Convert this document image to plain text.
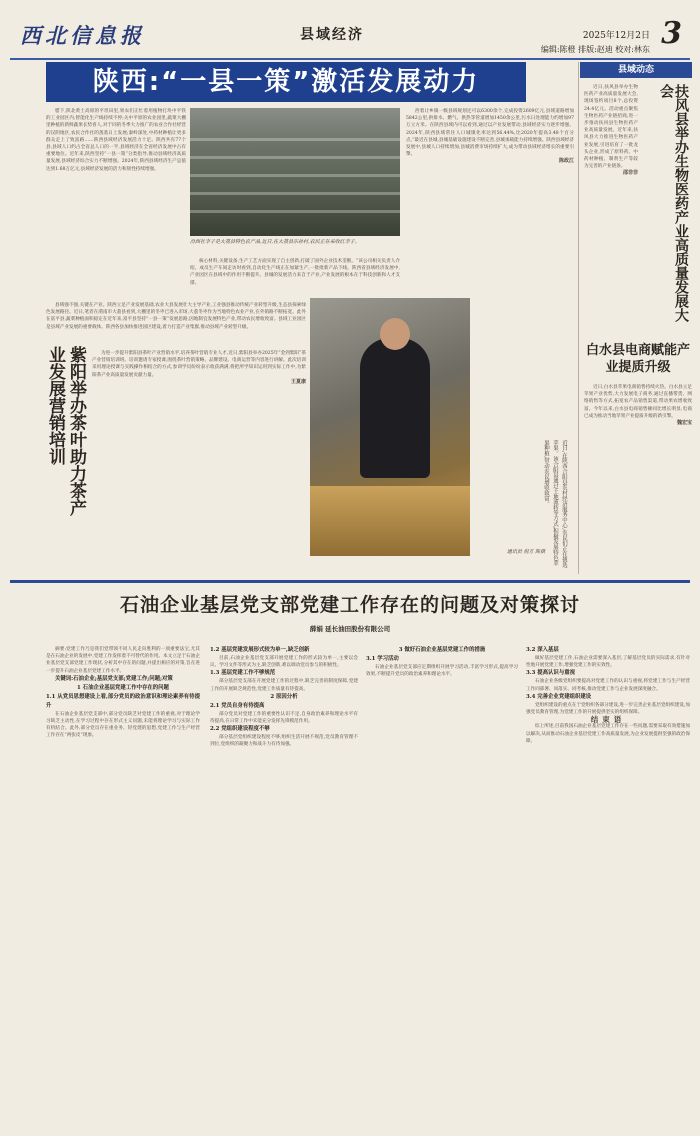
西北信息报	县域经济	2025年12月2日 3
编辑:陈橙 排版:赵迪 校对:林东
陕西:“一县一策”激活发展动力

腊下,陕北黄土高原的平坦田里,果农们正忙着用植物打块中平铁的工业园区内,智能化生产线持续不停;关中平原的农业园里,蔬菜大棚里种植的新鲜蔬果长势喜人,对于同的冬季大力推广的农业合作社经营的汉阴地区,农民合作社的蒸蒸日上发展;秦岭深处,中药材种植让更多群众走上了致富路……陕西县域经济发展活力十足。陕西共有77个县,县域人口约占全省总人口的一半,县域经济在全省经济发展中占有重要地位。近年来,陕西坚持“一县一策”分类指导,推动县域经济高质量发展,县域经济综合实力不断增强。2024年,陕西县域经济生产总值达到1.68万亿元,县域经济发展的活力和韧性持续增强。

汾西社李子是大荔县特色农产品,近日,在大荔县东孙村,农民正在采收红李子。

核心材料,关键设备,生产工艺方面实现了自主创新,打破了国外企业技术垄断。“该公司相关负责人介绍。成员生产车间走访时看到,自动化生产线正在加紧生产,一批批新产品下线。陕西省县域经济发展中,产业园区在县域中的作用不断提升。县城的发展活力来自于产业,产业发展的根本在于科技创新和人才支撑。

西着让乡镇一级县域规划还可以6300余个,完成投资2609亿元,县域道路增加5842公里,供排水、燃气、供热等管道增加1450余公里,污水日处理能力约增加97万立方米。在陕西县域内可以看到,通过以产业发展带动,县域经济实力逐步增强。2024年,陕西县域常住人口城镇化率达到56.44%,比2020年提高3.48个百分点,“最近在县城,县城基础设施建设不断完善,县城承载能力持续增强。陕西县域经济发展中,县城人口持续增加,县城消费市场持续扩大,成为带动县域经济增长的重要引擎。

陈政江
县域动态
扶风县举办生物医药产业高质量发展大会

近日,扶风县举办生物医药产业高质量发展大会,现场签约项目8个,总投资24.4亿元。活动重点聚焦生物医药产业链招商,进一步推动扶风县生物医药产业高质量发展。近年来,扶风县大力推进生物医药产业发展,引进培育了一批龙头企业,形成了原料药、中药材种植、制剂生产等较为完善的产业链条。

邵非非
白水县电商赋能产业提质升级

近日,白水县苹果电商销售持续火热。白水县立足苹果产业优势,大力发展电子商务,通过直播带货、网络销售等方式,拓宽农产品销售渠道,带动果农增收致富。今年以来,白水县电商销售额同比增长明显,电商已成为推动当地苹果产业提质升级的新引擎。

魏宏宝

县域强不强,关键在产业。陕西立足产业发展基础,农业大县发展壮大主导产业,工业强县推动传统产业转型升级,生态县探索绿色发展路径。近日,笔者在渭南市大荔县看到,大棚里的冬枣已进入市场,大荔冬枣作为当地特色农业产业,在外销路不断拓宽。此外在富平县,蔬菜种植面积稳定在近年来,富平县坚持“一县一策”发展思路,因地制宜发展特色产业,带动农民增收致富。县域工业园区是县域产业发展的重要载体。陕西各县加快推进园区建设,着力打造产业集群,推动县域产业转型升级。

紫阳举办茶叶助力茶产业发展营销培训	为进一步提升紫阳县茶叶产业营销水平,培养茶叶营销专业人才,近日,紫阳县举办2025年“金到紫阳”茶产业营销培训班。培训邀请专家授课,围绕茶叶营销策略、品牌建设、电商运营等内容进行讲解。此次培训采用理论授课与实践操作相结合的方式,参训学员纷纷表示收获满满,将把所学知识运用到实际工作中,为紫阳茶产业高质量发展贡献力量。

王夏康
近日,在陕西合阳县农村经济服务中心,农民们正在挑选苹果。该合阳县通过土地流转等方式,积极发展特色苹果种植,带动农民增收致富。
通讯员 倪方 陈摄
石油企业基层党支部党建工作存在的问题及对策探讨
薛娟 延长油田股份有限公司

摘要:党建工作乃是我们党带领不同人民走向胜利的一项重要法宝,尤其是在石油企业的发展中,党建工作发挥着不可替代的作用。本文立足于石油企业基层党支部党建工作现状,分析其中存在的问题,并提出相应的对策,旨在进一步提升石油企业基层党建工作水平。

关键词:石油企业;基层党支部;党建工作;问题;对策

1 石油企业基层党建工作中存在的问题
1.1 从党员思想建设上看,部分党员的政治意识和理论素养有待提升

在石油企业基层党支部中,部分党员缺乏对党建工作的重视,对于理论学习缺乏主动性,在学习过程中存在形式主义问题,未能将理论学习与实际工作有机结合。此外,部分党员存在重业务、轻党建的思想,党建工作与生产经营工作存在“两张皮”现象。

1.2 基层党建发展形式较为单一,缺乏创新

目前,石油企业基层党支部开展党建工作的形式较为单一,主要以会议、学习文件等形式为主,缺乏创新,难以调动党员参与的积极性。

1.3 基层党建工作不够规范

部分基层党支部在开展党建工作的过程中,缺乏完善的制度保障,党建工作的开展缺乏规范性,党建工作质量有待提高。

2 原因分析
2.1 党员自身有待提高

部分党员对党建工作的重要性认识不足,自身政治素养和理论水平有待提高,在日常工作中未能充分发挥先锋模范作用。

2.2 党组织建设程度不够

部分基层党组织建设程度不够,组织生活开展不规范,党员教育管理不到位,党组织的凝聚力和战斗力有待加强。

3 做好石油企业基层党建工作的措施
3.1 学习活动

石油企业基层党支部应定期组织开展学习活动,丰富学习形式,提高学习效果,不断提升党员的政治素养和理论水平。

3.2 深入基层

做好基层党建工作,石油企业需要深入基层,了解基层党员的实际需求,有针对性地开展党建工作,增强党建工作的实效性。

3.3 提高认识与重视

石油企业各级党组织要提高对党建工作的认识与重视,将党建工作与生产经营工作同部署、同落实、同考核,推动党建工作与企业发展深度融合。

3.4 完善企业党建组织建设

党组织建设的重点在于党组织各部分建设,进一步完善企业基层党组织建设,加强党员教育管理,为党建工作的开展提供坚实的组织保障。

结束语

综上所述,目前我国石油企业基层党建工作存在一些问题,需要采取有效措施加以解决,从而推动石油企业基层党建工作高质量发展,为企业发展提供坚强的政治保障。
